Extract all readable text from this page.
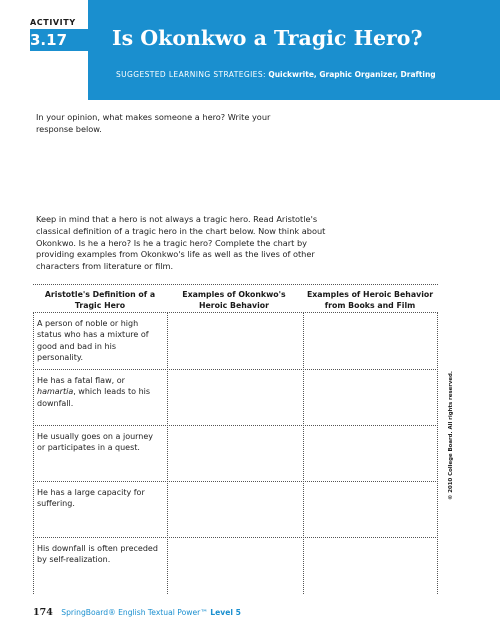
ACTIVITY
3.17	Is Okonkwo a Tragic Hero?
SUGGESTED LEARNING STRATEGIES: Quickwrite, Graphic Organizer, Drafting
In your opinion, what makes someone a hero? Write your response below.
Keep in mind that a hero is not always a tragic hero. Read Aristotle's classical definition of a tragic hero in the chart below. Now think about Okonkwo. Is he a hero? Is he a tragic hero? Complete the chart by providing examples from Okonkwo's life as well as the lives of other characters from literature or film.
Aristotle's Definition of a Tragic Hero
Examples of Okonkwo's Heroic Behavior
Examples of Heroic Behavior from Books and Film
A person of noble or high status who has a mixture of good and bad in his personality.
He has a fatal flaw, or hamartia, which leads to his downfall.
He usually goes on a journey or participates in a quest.
He has a large capacity for suffering.
His downfall is often preceded by self-realization.
© 2010 College Board. All rights reserved.
174 SpringBoard® English Textual Power™ Level 5
